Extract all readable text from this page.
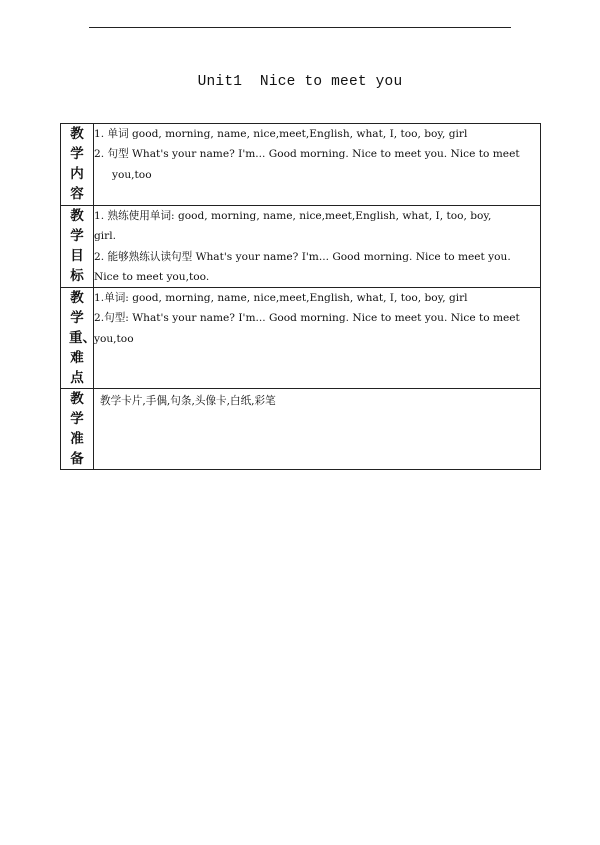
Unit1  Nice to meet you
教学内容	1. 单词 good, morning, name, nice,meet,English, what, I, too, boy, girl
2. 句型 What's your name? I'm... Good morning. Nice to meet you. Nice to meet
you,too

教学目标	1. 熟练使用单词: good, morning, name, nice,meet,English, what, I, too, boy,
girl.
2. 能够熟练认读句型 What's your name? I'm... Good morning. Nice to meet you.
Nice to meet you,too.

教学重、难点	1.单词: good, morning, name, nice,meet,English, what, I, too, boy, girl
2.句型: What's your name? I'm... Good morning. Nice to meet you. Nice to meet
you,too

教学准备	教学卡片,手偶,句条,头像卡,白纸,彩笔
